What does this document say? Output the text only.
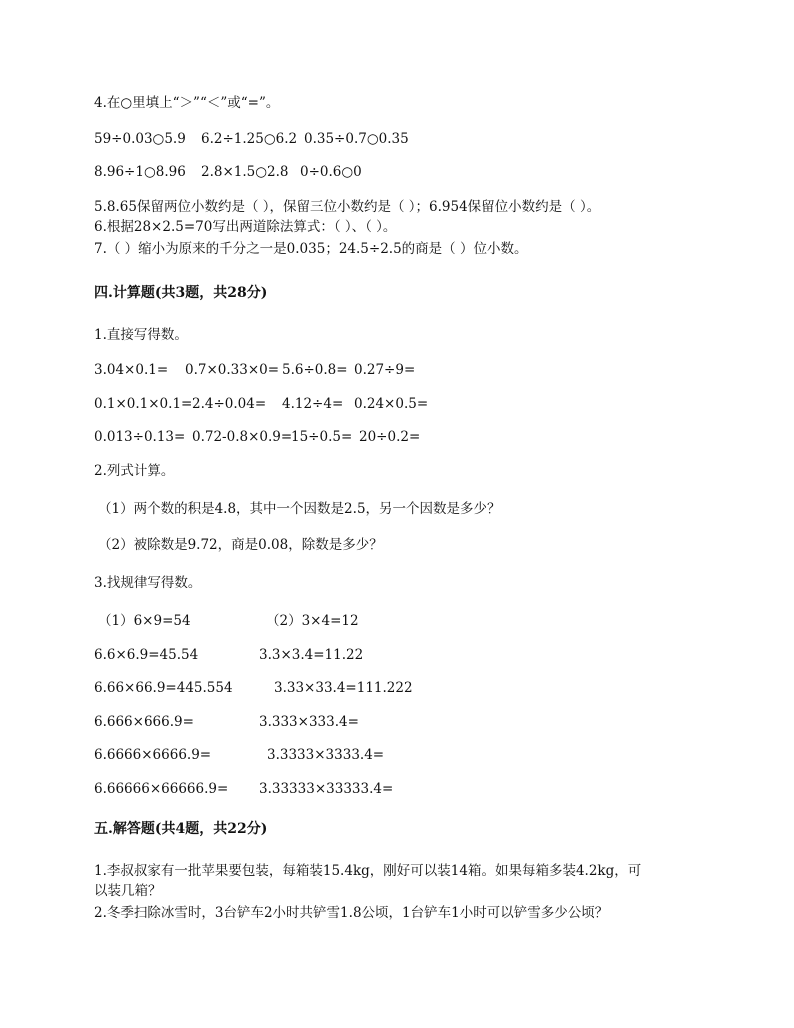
4.在○里填上“＞”“＜”或“=”。
59÷0.03○5.9 6.2÷1.25○6.2 0.35÷0.7○0.35
8.96÷1○8.96 2.8×1.5○2.8 0÷0.6○0
5.8.65保留两位小数约是（ ），保留三位小数约是（ ）；6.954保留位小数约是（ ）。
6.根据28×2.5=70写出两道除法算式：（ ）、（ ）。
7.（ ）缩小为原来的千分之一是0.035；24.5÷2.5的商是（ ）位小数。
四.计算题(共3题，共28分)
1.直接写得数。
3.04×0.1= 0.7×0.33×0= 5.6÷0.8= 0.27÷9=
0.1×0.1×0.1= 2.4÷0.04= 4.12÷4= 0.24×0.5=
0.013÷0.13= 0.72-0.8×0.9=
15÷0.5= 20÷0.2=
2.列式计算。
（1）两个数的积是4.8，其中一个因数是2.5，另一个因数是多少？
（2）被除数是9.72，商是0.08，除数是多少？
3.找规律写得数。
（1）6×9=54
6.6×6.9=45.54
6.66×66.9=445.554
6.666×666.9=
6.6666×6666.9=
6.66666×66666.9=
（2）3×4=12
3.3×3.4=11.22
3.33×33.4=111.222
3.333×333.4=
3.3333×3333.4=
3.33333×33333.4=
五.解答题(共4题，共22分)
1.李叔叔家有一批苹果要包装，每箱装15.4kg，刚好可以装14箱。如果每箱多装4.2kg，可
以装几箱？
2.冬季扫除冰雪时，3台铲车2小时共铲雪1.8公顷，1台铲车1小时可以铲雪多少公顷？
